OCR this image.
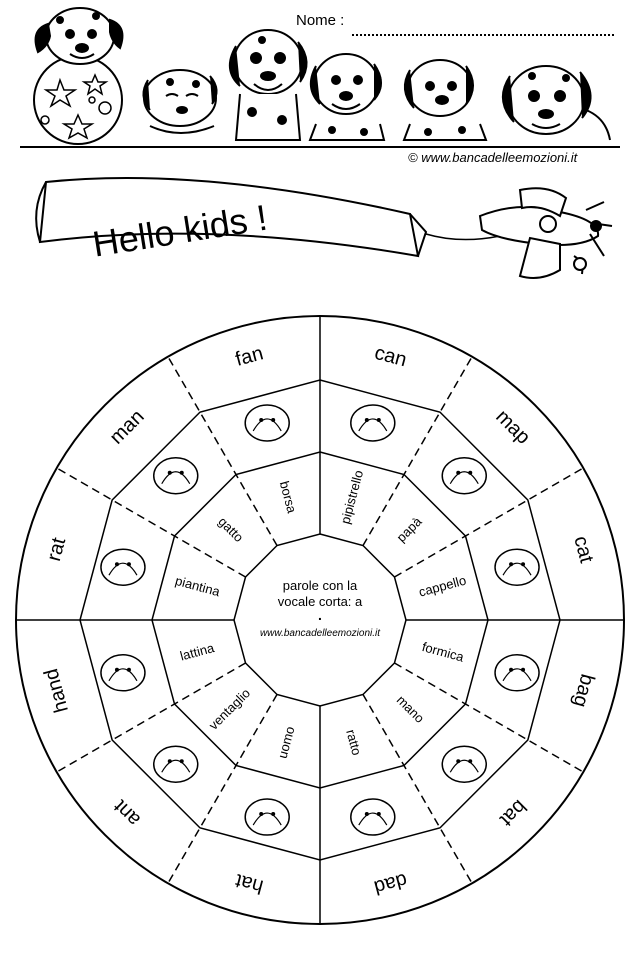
Nome :
© www.bancadelleemozioni.it
Hello kids !
can
map
cat
bag
bat
dad
hat
ant
hand
rat
man
fan
pipistrello
papà
cappello
formica
mano
ratto
uomo
ventaglio
lattina
piantina
gatto
borsa
parole con la
vocale corta: a
.
www.bancadelleemozioni.it
